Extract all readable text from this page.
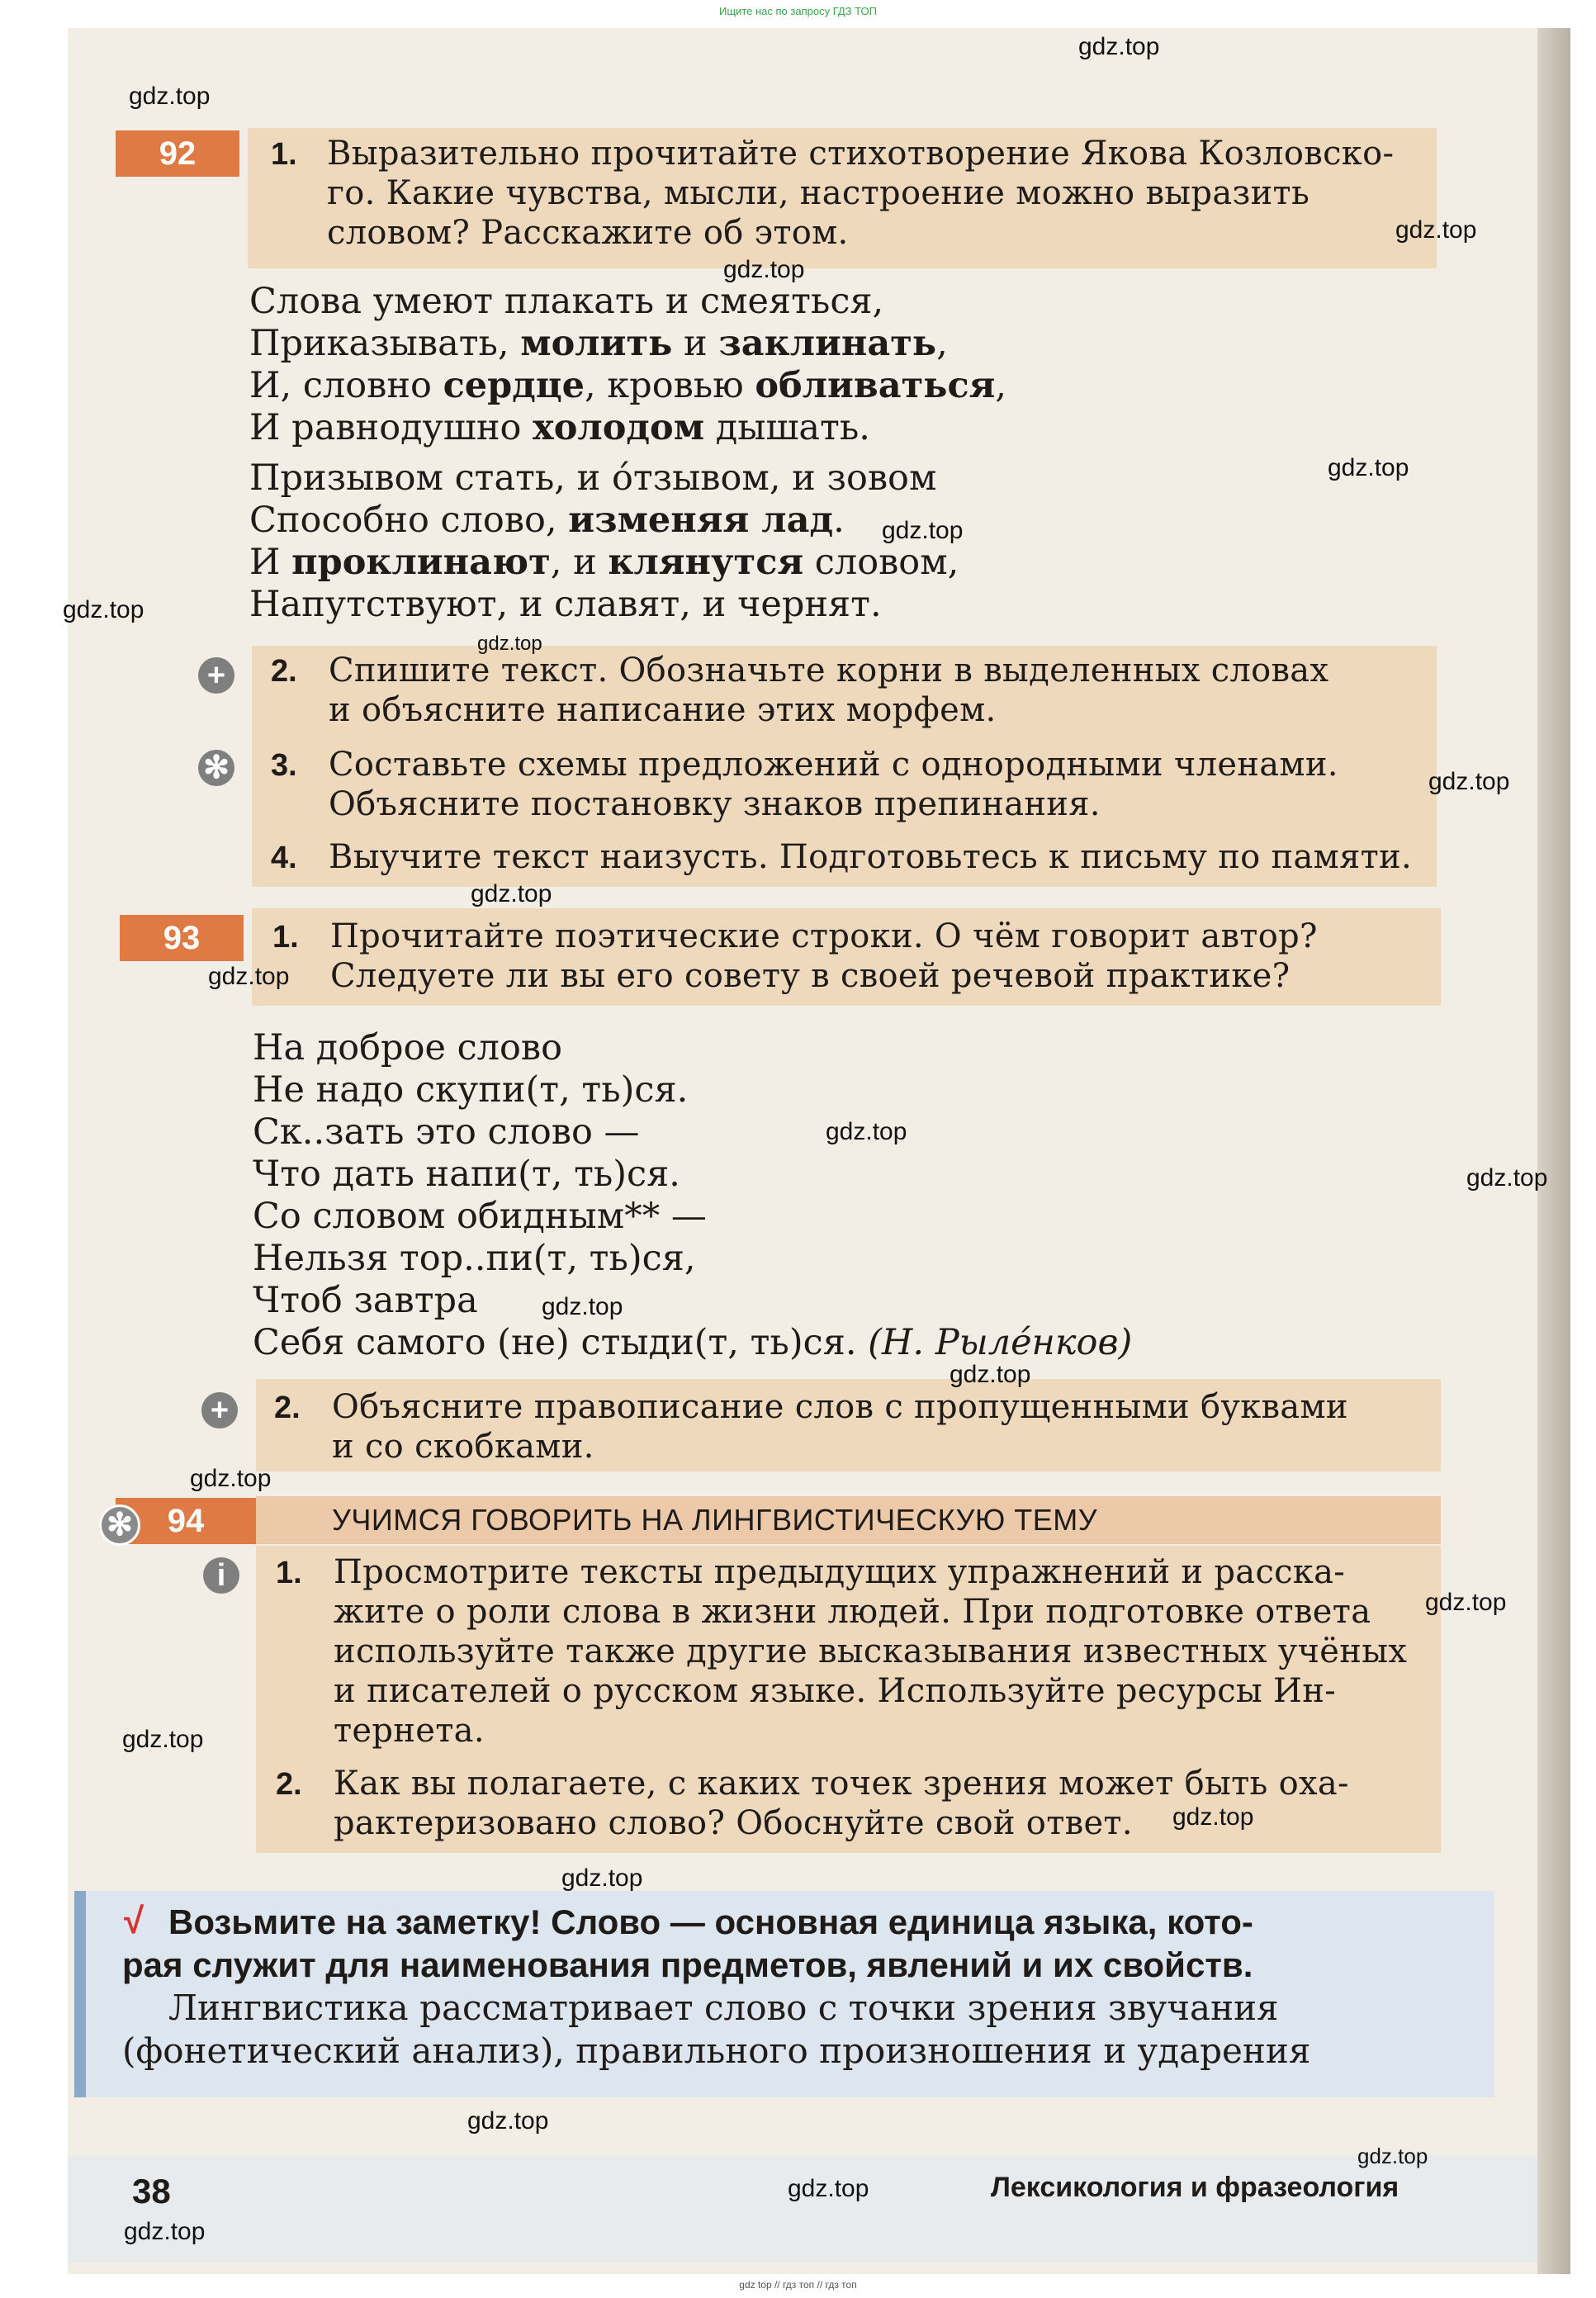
Ищите нас по запросу ГДЗ ТОП
92	1. Выразительно прочитайте стихотворение Якова Козловско-
го. Какие чувства, мысли, настроение можно выразить
словом? Расскажите об этом.
Слова умеют плакать и смеяться,
Приказывать, молить и заклинать,
И, словно сердце, кровью обливаться,
И равнодушно холодом дышать.
Призывом стать, и о́тзывом, и зовом
Способно слово, изменяя лад.
И проклинают, и клянутся словом,
Напутствуют, и славят, и чернят.
+ 2. Спишите текст. Обозначьте корни в выделенных словах
и объясните написание этих морфем.
✻ 3. Составьте схемы предложений с однородными членами.
Объясните постановку знаков препинания.
4. Выучите текст наизусть. Подготовьтесь к письму по памяти.
93	1. Прочитайте поэтические строки. О чём говорит автор?
Следуете ли вы его совету в своей речевой практике?
На доброе слово
Не надо скупи(т, ть)ся.
Ск..зать это слово —
Что дать напи(т, ть)ся.
Со словом обидным** —
Нельзя тор..пи(т, ть)ся,
Чтоб завтра
Себя самого (не) стыди(т, ть)ся. (Н. Рыле́нков)
+ 2. Объясните правописание слов с пропущенными буквами
и со скобками.
94
✻	УЧИМСЯ ГОВОРИТЬ НА ЛИНГВИСТИЧЕСКУЮ ТЕМУ
i	1. Просмотрите тексты предыдущих упражнений и расска-
жите о роли слова в жизни людей. При подготовке ответа
используйте также другие высказывания известных учёных
и писателей о русском языке. Используйте ресурсы Ин-
тернета.
2. Как вы полагаете, с каких точек зрения может быть оха-
рактеризовано слово? Обоснуйте свой ответ.
√ Возьмите на заметку! Слово — основная единица языка, кото-
рая служит для наименования предметов, явлений и их свойств.
Лингвистика рассматривает слово с точки зрения звучания
(фонетический анализ), правильного произношения и ударения
38	Лексикология и фразеология
gdz.top
gdz.top
gdz.top
gdz.top
gdz.top
gdz.top
gdz.top
gdz.top
gdz.top
gdz.top
gdz.top
gdz.top
gdz.top
gdz.top
gdz.top
gdz.top
gdz.top
gdz.top
gdz.top
gdz.top
gdz.top
gdz.top
gdz.top
gdz.top
gdz top // гдз топ // гдз топ
